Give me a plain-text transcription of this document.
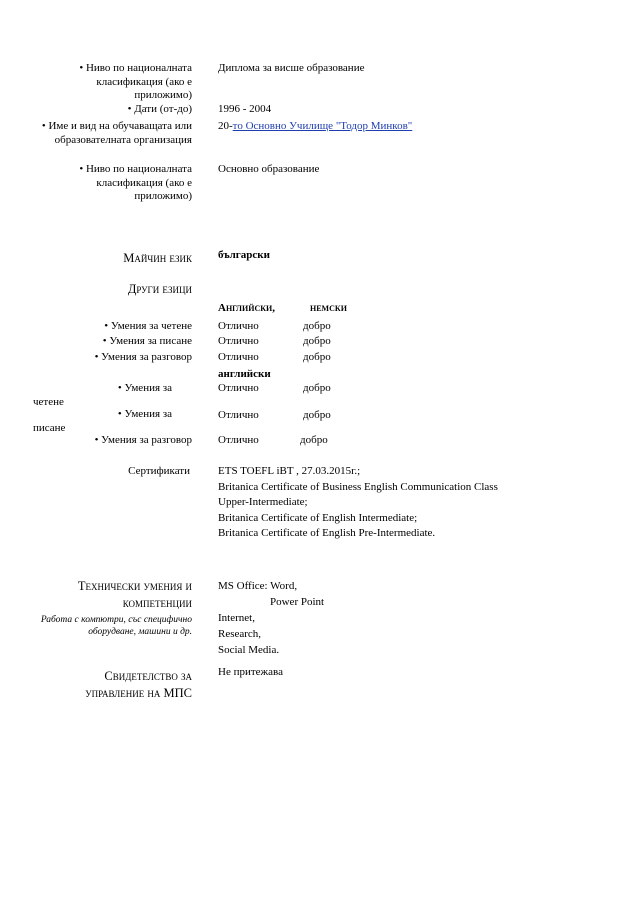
• Ниво по националната класификация (ако е приложимо)
Диплома за висше образование
• Дати (от-до) 1996 - 2004
• Име и вид на обучаващата или образователната организация
20-то Основно Училище "Тодор Минков"
• Ниво по националната класификация (ако е приложимо)
Основно образование
Майчин език български
Други езици
Английски,	немски
• Умения за четене Отлично	добро
• Умения за писане Отлично	добро
• Умения за разговор Отлично	добро
английски
• Умения за
четене
Отлично	добро
• Умения за
писане
Отлично	добро
• Умения за разговор Отлично	добро
Сертификати	ETS TOEFL iBT , 27.03.2015г.;
Britanica Certificate of Business English Communication Class
Upper-Intermediate;
Britanica Certificate of English Intermediate;
Britanica Certificate of English Pre-Intermediate.
Технически умения и
компетенции
Работа с компютри, със специфично оборудване, машини и др.
MS Office: Word,
Power Point
Internet,
Research,
Social Media.
Свидетелство за
управление на МПС
Не притежава
